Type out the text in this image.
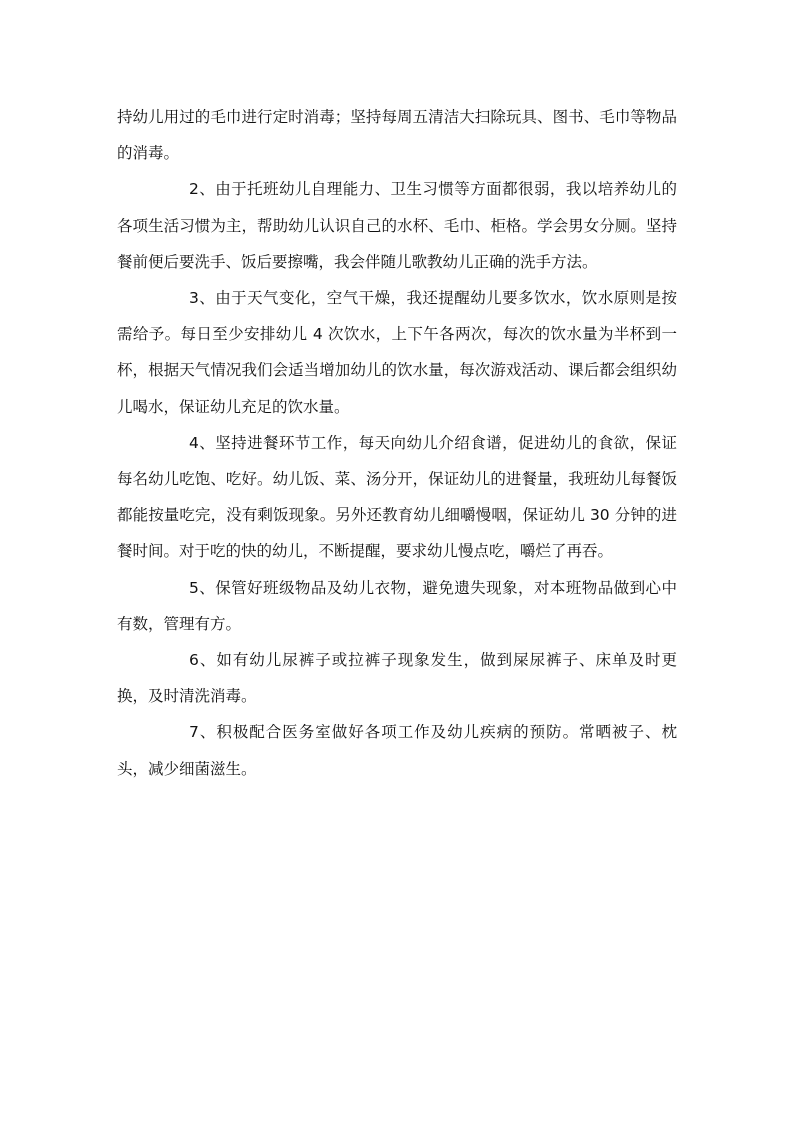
持幼儿用过的毛巾进行定时消毒；坚持每周五清洁大扫除玩具、图书、毛巾等物品的消毒。

2、由于托班幼儿自理能力、卫生习惯等方面都很弱，我以培养幼儿的各项生活习惯为主，帮助幼儿认识自己的水杯、毛巾、柜格。学会男女分厕。坚持餐前便后要洗手、饭后要擦嘴，我会伴随儿歌教幼儿正确的洗手方法。

3、由于天气变化，空气干燥，我还提醒幼儿要多饮水，饮水原则是按需给予。每日至少安排幼儿 4 次饮水，上下午各两次，每次的饮水量为半杯到一杯，根据天气情况我们会适当增加幼儿的饮水量，每次游戏活动、课后都会组织幼儿喝水，保证幼儿充足的饮水量。

4、坚持进餐环节工作，每天向幼儿介绍食谱，促进幼儿的食欲，保证每名幼儿吃饱、吃好。幼儿饭、菜、汤分开，保证幼儿的进餐量，我班幼儿每餐饭都能按量吃完，没有剩饭现象。另外还教育幼儿细嚼慢咽，保证幼儿 30 分钟的进餐时间。对于吃的快的幼儿，不断提醒，要求幼儿慢点吃，嚼烂了再吞。

5、保管好班级物品及幼儿衣物，避免遗失现象，对本班物品做到心中有数，管理有方。

6、如有幼儿尿裤子或拉裤子现象发生，做到屎尿裤子、床单及时更换，及时清洗消毒。

7、积极配合医务室做好各项工作及幼儿疾病的预防。常晒被子、枕头，减少细菌滋生。
